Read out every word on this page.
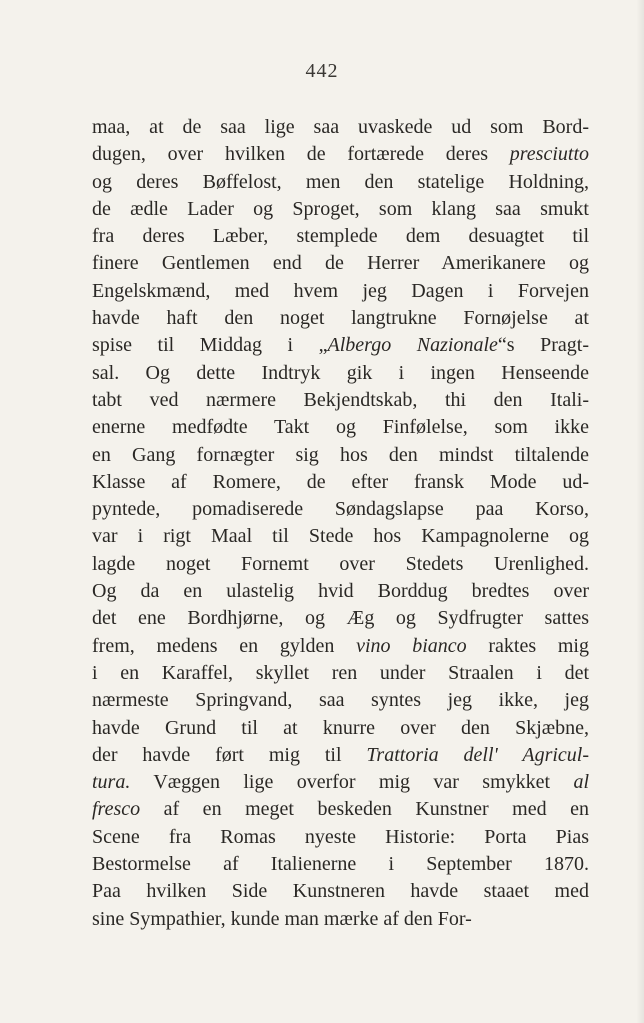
442
maa, at de saa lige saa uvaskede ud som Bord-
dugen, over hvilken de fortærede deres presciutto
og deres Bøffelost, men den statelige Holdning,
de ædle Lader og Sproget, som klang saa smukt
fra deres Læber, stemplede dem desuagtet til
finere Gentlemen end de Herrer Amerikanere og
Engelskmænd, med hvem jeg Dagen i Forvejen
havde haft den noget langtrukne Fornøjelse at
spise til Middag i „Albergo Nazionale“s Pragt-
sal. Og dette Indtryk gik i ingen Henseende
tabt ved nærmere Bekjendtskab, thi den Itali-
enerne medfødte Takt og Finfølelse, som ikke
en Gang fornægter sig hos den mindst tiltalende
Klasse af Romere, de efter fransk Mode ud-
pyntede, pomadiserede Søndagslapse paa Korso,
var i rigt Maal til Stede hos Kampagnolerne og
lagde noget Fornemt over Stedets Urenlighed.
Og da en ulastelig hvid Borddug bredtes over
det ene Bordhjørne, og Æg og Sydfrugter sattes
frem, medens en gylden vino bianco raktes mig
i en Karaffel, skyllet ren under Straalen i det
nærmeste Springvand, saa syntes jeg ikke, jeg
havde Grund til at knurre over den Skjæbne,
der havde ført mig til Trattoria dell' Agricul-
tura. Væggen lige overfor mig var smykket al
fresco af en meget beskeden Kunstner med en
Scene fra Romas nyeste Historie: Porta Pias
Bestormelse af Italienerne i September 1870.
Paa hvilken Side Kunstneren havde staaet med
sine Sympathier, kunde man mærke af den For-
